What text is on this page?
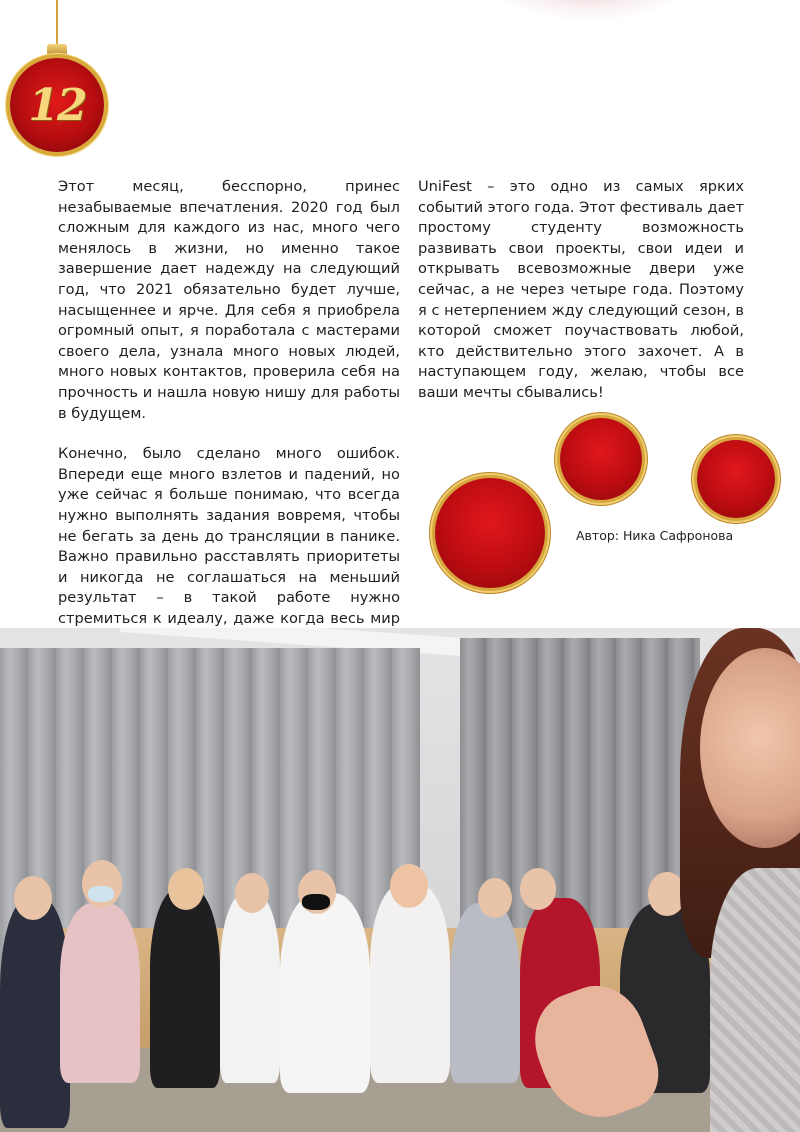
12

Этот месяц, бесспорно, принес незабываемые впечатления. 2020 год был сложным для каждого из нас, много чего менялось в жизни, но именно такое завершение дает надежду на следующий год, что 2021 обязательно будет лучше, насыщеннее и ярче. Для себя я приобрела огромный опыт, я поработала с мастерами своего дела, узнала много новых людей, много новых контактов, проверила себя на прочность и нашла новую нишу для работы в будущем.

Конечно, было сделано много ошибок. Впереди еще много взлетов и падений, но уже сейчас я больше понимаю, что всегда нужно выполнять задания вовремя, чтобы не бегать за день до трансляции в панике. Важно правильно расставлять приоритеты и никогда не соглашаться на меньший результат – в такой работе нужно стремиться к идеалу, даже когда весь мир

UniFest – это одно из самых ярких событий этого года. Этот фестиваль дает простому студенту возможность развивать свои проекты, свои идеи и открывать всевозможные двери уже сейчас, а не через четыре года. Поэтому я с нетерпением жду следующий сезон, в которой сможет поучаствовать любой, кто действительно этого захочет. А в наступающем году, желаю, чтобы все ваши мечты сбывались!

Автор: Ника Сафронова
